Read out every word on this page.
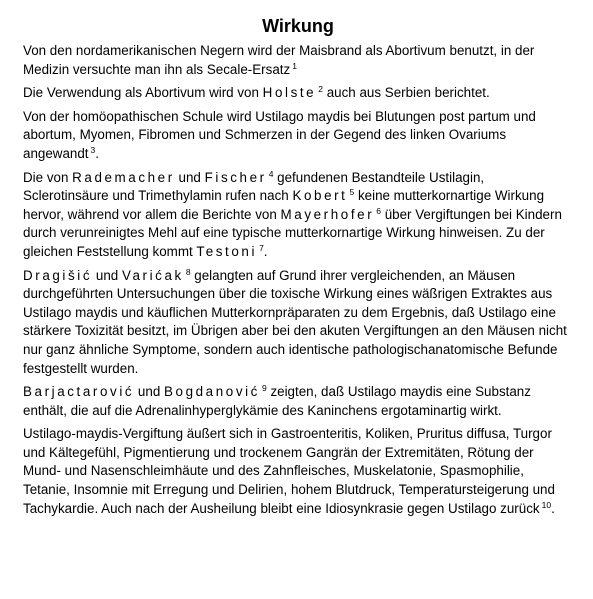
Wirkung

Von den nordamerikanischen Negern wird der Maisbrand als Abortivum benutzt, in der Medizin versuchte man ihn als Secale-Ersatz $^1$

Die Verwendung als Abortivum wird von Holste $^2$ auch aus Serbien berichtet.

Von der homöopathischen Schule wird Ustilago maydis bei Blutungen post partum und abortum, Myomen, Fibromen und Schmerzen in der Gegend des linken Ovariums angewandt $^3$.

Die von Rademacher und Fischer $^4$ gefundenen Bestandteile Ustilagin, Sclerotinsäure und Trimethylamin rufen nach Kobert $^5$ keine mutterkornartige Wirkung hervor, während vor allem die Berichte von Mayerhofer $^6$ über Vergiftungen bei Kindern durch verunreinigtes Mehl auf eine typische mutterkornartige Wirkung hinweisen. Zu der gleichen Feststellung kommt Testoni $^7$.

Dragišić und Varićak $^8$ gelangten auf Grund ihrer vergleichenden, an Mäusen durchgeführten Untersuchungen über die toxische Wirkung eines wäßrigen Extraktes aus Ustilago maydis und käuflichen Mutterkornpräparaten zu dem Ergebnis, daß Ustilago eine stärkere Toxizität besitzt, im Übrigen aber bei den akuten Vergiftungen an den Mäusen nicht nur ganz ähnliche Symptome, sondern auch identische pathologischanatomische Befunde festgestellt wurden.

Barjactarović und Bogdanović $^9$ zeigten, daß Ustilago maydis eine Substanz enthält, die auf die Adrenalinhyperglykämie des Kaninchens ergotaminartig wirkt.

Ustilago-maydis-Vergiftung äußert sich in Gastroenteritis, Koliken, Pruritus diffusa, Turgor und Kältegefühl, Pigmentierung und trockenem Gangrän der Extremitäten, Rötung der Mund- und Nasenschleimhäute und des Zahnfleisches, Muskelatonie, Spasmophilie, Tetanie, Insomnie mit Erregung und Delirien, hohem Blutdruck, Temperatursteigerung und Tachykardie. Auch nach der Ausheilung bleibt eine Idiosynkrasie gegen Ustilago zurück $^{10}$.
